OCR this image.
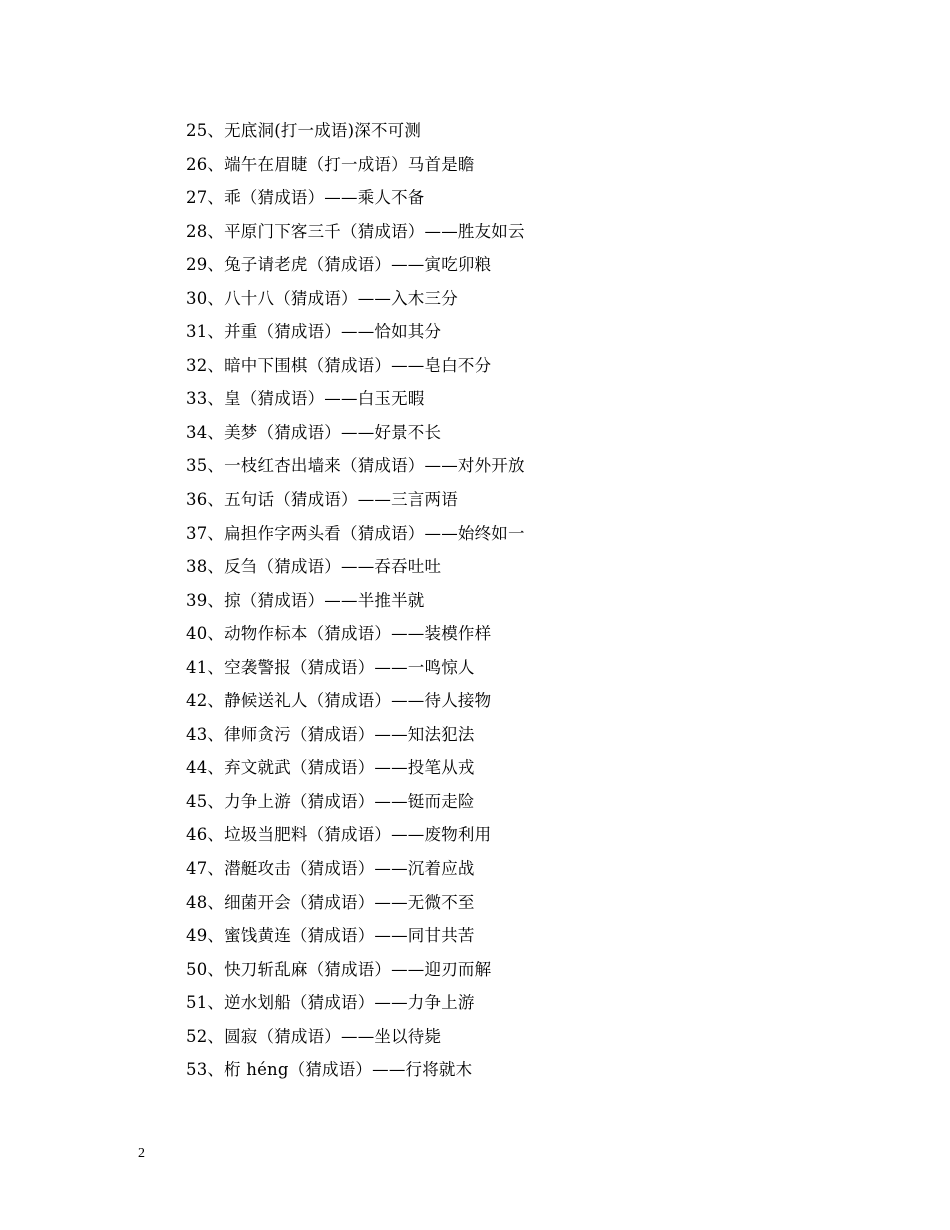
25、无底洞(打一成语)深不可测
26、端午在眉睫（打一成语）马首是瞻
27、乖（猜成语）——乘人不备
28、平原门下客三千（猜成语）——胜友如云
29、兔子请老虎（猜成语）——寅吃卯粮
30、八十八（猜成语）——入木三分
31、并重（猜成语）——恰如其分
32、暗中下围棋（猜成语）——皂白不分
33、皇（猜成语）——白玉无暇
34、美梦（猜成语）——好景不长
35、一枝红杏出墙来（猜成语）——对外开放
36、五句话（猜成语）——三言两语
37、扁担作字两头看（猜成语）——始终如一
38、反刍（猜成语）——吞吞吐吐
39、掠（猜成语）——半推半就
40、动物作标本（猜成语）——装模作样
41、空袭警报（猜成语）——一鸣惊人
42、静候送礼人（猜成语）——待人接物
43、律师贪污（猜成语）——知法犯法
44、弃文就武（猜成语）——投笔从戎
45、力争上游（猜成语）——铤而走险
46、垃圾当肥料（猜成语）——废物利用
47、潜艇攻击（猜成语）——沉着应战
48、细菌开会（猜成语）——无微不至
49、蜜饯黄连（猜成语）——同甘共苦
50、快刀斩乱麻（猜成语）——迎刃而解
51、逆水划船（猜成语）——力争上游
52、圆寂（猜成语）——坐以待毙
53、桁 héng（猜成语）——行将就木
2
